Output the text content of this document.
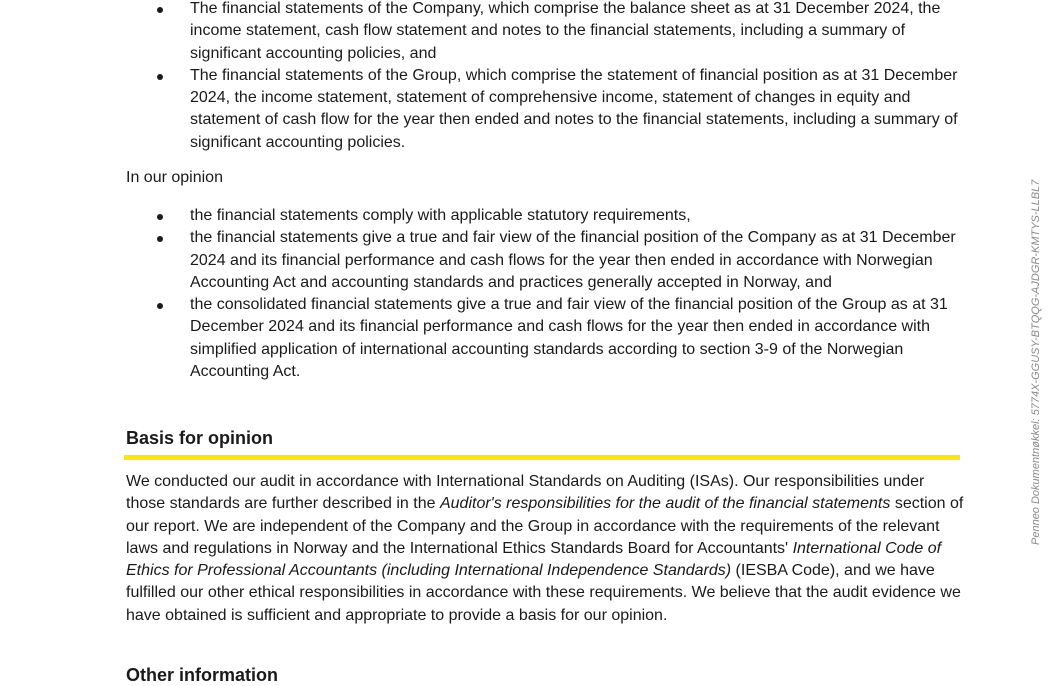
The financial statements of the Company, which comprise the balance sheet as at 31 December 2024, the income statement, cash flow statement and notes to the financial statements, including a summary of significant accounting policies, and
The financial statements of the Group, which comprise the statement of financial position as at 31 December 2024, the income statement, statement of comprehensive income, statement of changes in equity and statement of cash flow for the year then ended and notes to the financial statements, including a summary of significant accounting policies.
In our opinion
the financial statements comply with applicable statutory requirements,
the financial statements give a true and fair view of the financial position of the Company as at 31 December 2024 and its financial performance and cash flows for the year then ended in accordance with Norwegian Accounting Act and accounting standards and practices generally accepted in Norway, and
the consolidated financial statements give a true and fair view of the financial position of the Group as at 31 December 2024 and its financial performance and cash flows for the year then ended in accordance with simplified application of international accounting standards according to section 3-9 of the Norwegian Accounting Act.
Basis for opinion

We conducted our audit in accordance with International Standards on Auditing (ISAs). Our responsibilities under those standards are further described in the Auditor's responsibilities for the audit of the financial statements section of our report. We are independent of the Company and the Group in accordance with the requirements of the relevant laws and regulations in Norway and the International Ethics Standards Board for Accountants' International Code of Ethics for Professional Accountants (including International Independence Standards) (IESBA Code), and we have fulfilled our other ethical responsibilities in accordance with these requirements. We believe that the audit evidence we have obtained is sufficient and appropriate to provide a basis for our opinion.

Other information
Penneo Dokumentnøkkel: 5774X-GGUSY-BTQQG-AJDGR-KMTYS-LLBL7
